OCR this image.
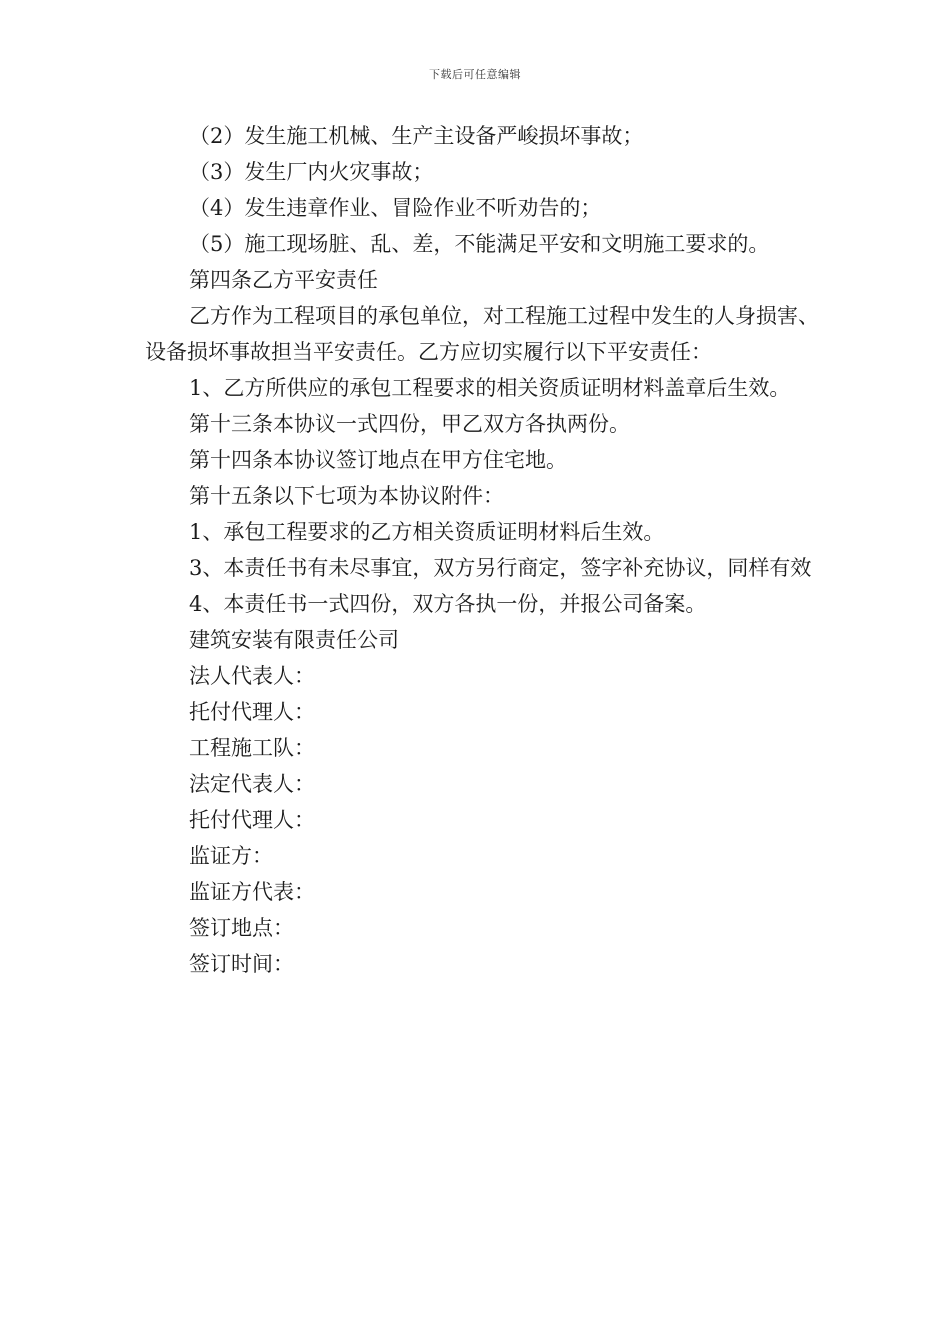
下载后可任意编辑

（2）发生施工机械、生产主设备严峻损坏事故；

（3）发生厂内火灾事故；

（4）发生违章作业、冒险作业不听劝告的；

（5）施工现场脏、乱、差，不能满足平安和文明施工要求的。

第四条乙方平安责任

乙方作为工程项目的承包单位，对工程施工过程中发生的人身损害、设备损坏事故担当平安责任。乙方应切实履行以下平安责任：

1、乙方所供应的承包工程要求的相关资质证明材料盖章后生效。

第十三条本协议一式四份，甲乙双方各执两份。

第十四条本协议签订地点在甲方住宅地。

第十五条以下七项为本协议附件：

1、承包工程要求的乙方相关资质证明材料后生效。

3、本责任书有未尽事宜，双方另行商定，签字补充协议，同样有效

4、本责任书一式四份，双方各执一份，并报公司备案。

建筑安装有限责任公司

法人代表人：

托付代理人：

工程施工队：

法定代表人：

托付代理人：

监证方：

监证方代表：

签订地点：

签订时间：
